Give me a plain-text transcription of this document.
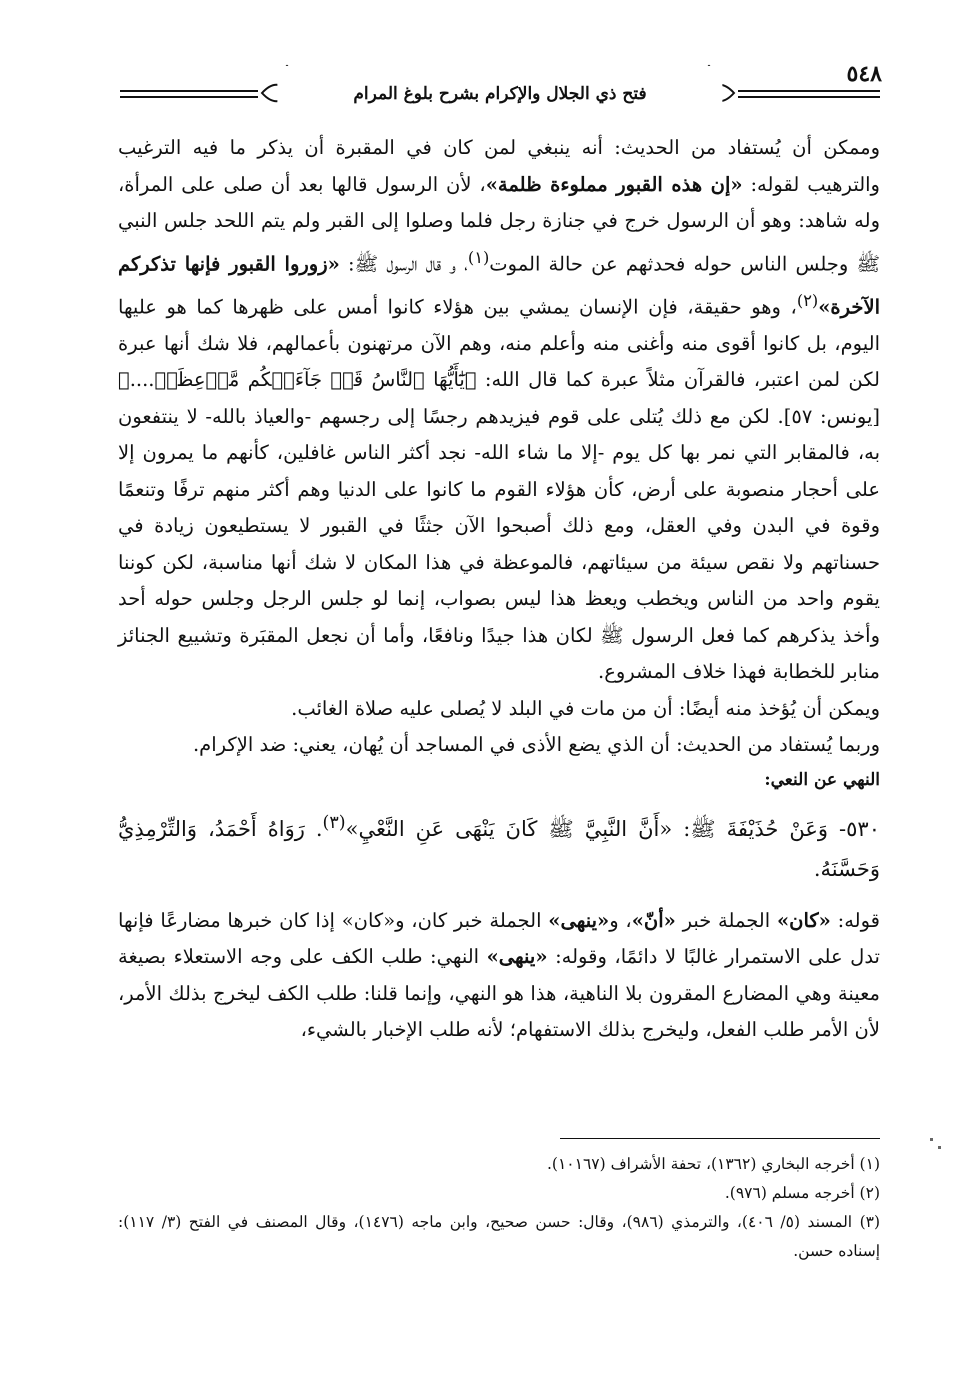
فتح ذي الجلال والإكرام بشرح بلوغ المرام
٥٤٨

وممكن أن يُستفاد من الحديث: أنه ينبغي لمن كان في المقبرة أن يذكر ما فيه الترغيب والترهيب لقوله: «إن هذه القبور مملوءة ظلمة»، لأن الرسول قالها بعد أن صلى على المرأة، وله شاهد: وهو أن الرسول خرج في جنازة رجل فلما وصلوا إلى القبر ولم يتم اللحد جلس النبي ﷺ وجلس الناس حوله فحدثهم عن حالة الموت$^{(١)}$، و قال الرسول ﷺ: «زوروا القبور فإنها تذكركم الآخرة»$^{(٢)}$، وهو حقيقة، فإن الإنسان يمشي بين هؤلاء كانوا أمس على ظهرها كما هو عليها اليوم، بل كانوا أقوى منه وأغنى منه وأعلم منه، وهم الآن مرتهنون بأعمالهم، فلا شك أنها عبرة لكن لمن اعتبر، فالقرآن مثلاً عبرة كما قال الله: ﴿يَٰٓأَيُّهَا ٱلنَّاسُ قَدۡ جَآءَتۡكُم مَّوۡعِظَةٞ....﴾ [يونس: ٥٧]. لكن مع ذلك يُتلى على قوم فيزيدهم رجسًا إلى رجسهم -والعياذ بالله- لا ينتفعون به، فالمقابر التي نمر بها كل يوم -إلا ما شاء الله- نجد أكثر الناس غافلين، كأنهم ما يمرون إلا على أحجار منصوبة على أرض، كأن هؤلاء القوم ما كانوا على الدنيا وهم أكثر منهم ترفًا وتنعمًا وقوة في البدن وفي العقل، ومع ذلك أصبحوا الآن جثثًا في القبور لا يستطيعون زيادة في حسناتهم ولا نقص سيئة من سيئاتهم، فالموعظة في هذا المكان لا شك أنها مناسبة، لكن كوننا يقوم واحد من الناس ويخطب ويعظ هذا ليس بصواب، إنما لو جلس الرجل وجلس حوله أحد وأخذ يذكرهم كما فعل الرسول ﷺ لكان هذا جيدًا ونافعًا، وأما أن نجعل المقبَرة وتشييع الجنائز منابر للخطابة فهذا خلاف المشروع.

ويمكن أن يُؤخذ منه أيضًا: أن من مات في البلد لا يُصلى عليه صلاة الغائب.

وربما يُستفاد من الحديث: أن الذي يضع الأذى في المساجد أن يُهان، يعني: ضد الإكرام.

النهي عن النعي:

٥٣٠- وَعَنْ حُذَيْفَةَ ﷺ: «أَنَّ النَّبِيَّ ﷺ كَانَ يَنْهَى عَنِ النَّعْيِ»$^{(٣)}$. رَوَاهُ أَحْمَدُ، وَالتِّرْمِذِيُّ وَحَسَّنَهُ.

قوله: «كان» الجملة خبر «أنّ»، و«ينهى» الجملة خبر كان، و«كان» إذا كان خبرها مضارعًا فإنها تدل على الاستمرار غالبًا لا دائمًا، وقوله: «ينهى» النهي: طلب الكف على وجه الاستعلاء بصيغة معينة وهي المضارع المقرون بلا الناهية، هذا هو النهي، وإنما قلنا: طلب الكف ليخرج بذلك الأمر، لأن الأمر طلب الفعل، وليخرج بذلك الاستفهام؛ لأنه طلب الإخبار بالشيء،

(١) أخرجه البخاري (١٣٦٢)، تحفة الأشراف (١٠١٦٧).

(٢) أخرجه مسلم (٩٧٦).

(٣) المسند (٥/ ٤٠٦)، والترمذي (٩٨٦)، وقال: حسن صحيح، وابن ماجه (١٤٧٦)، وقال المصنف في الفتح (٣/ ١١٧): إسناده حسن.
